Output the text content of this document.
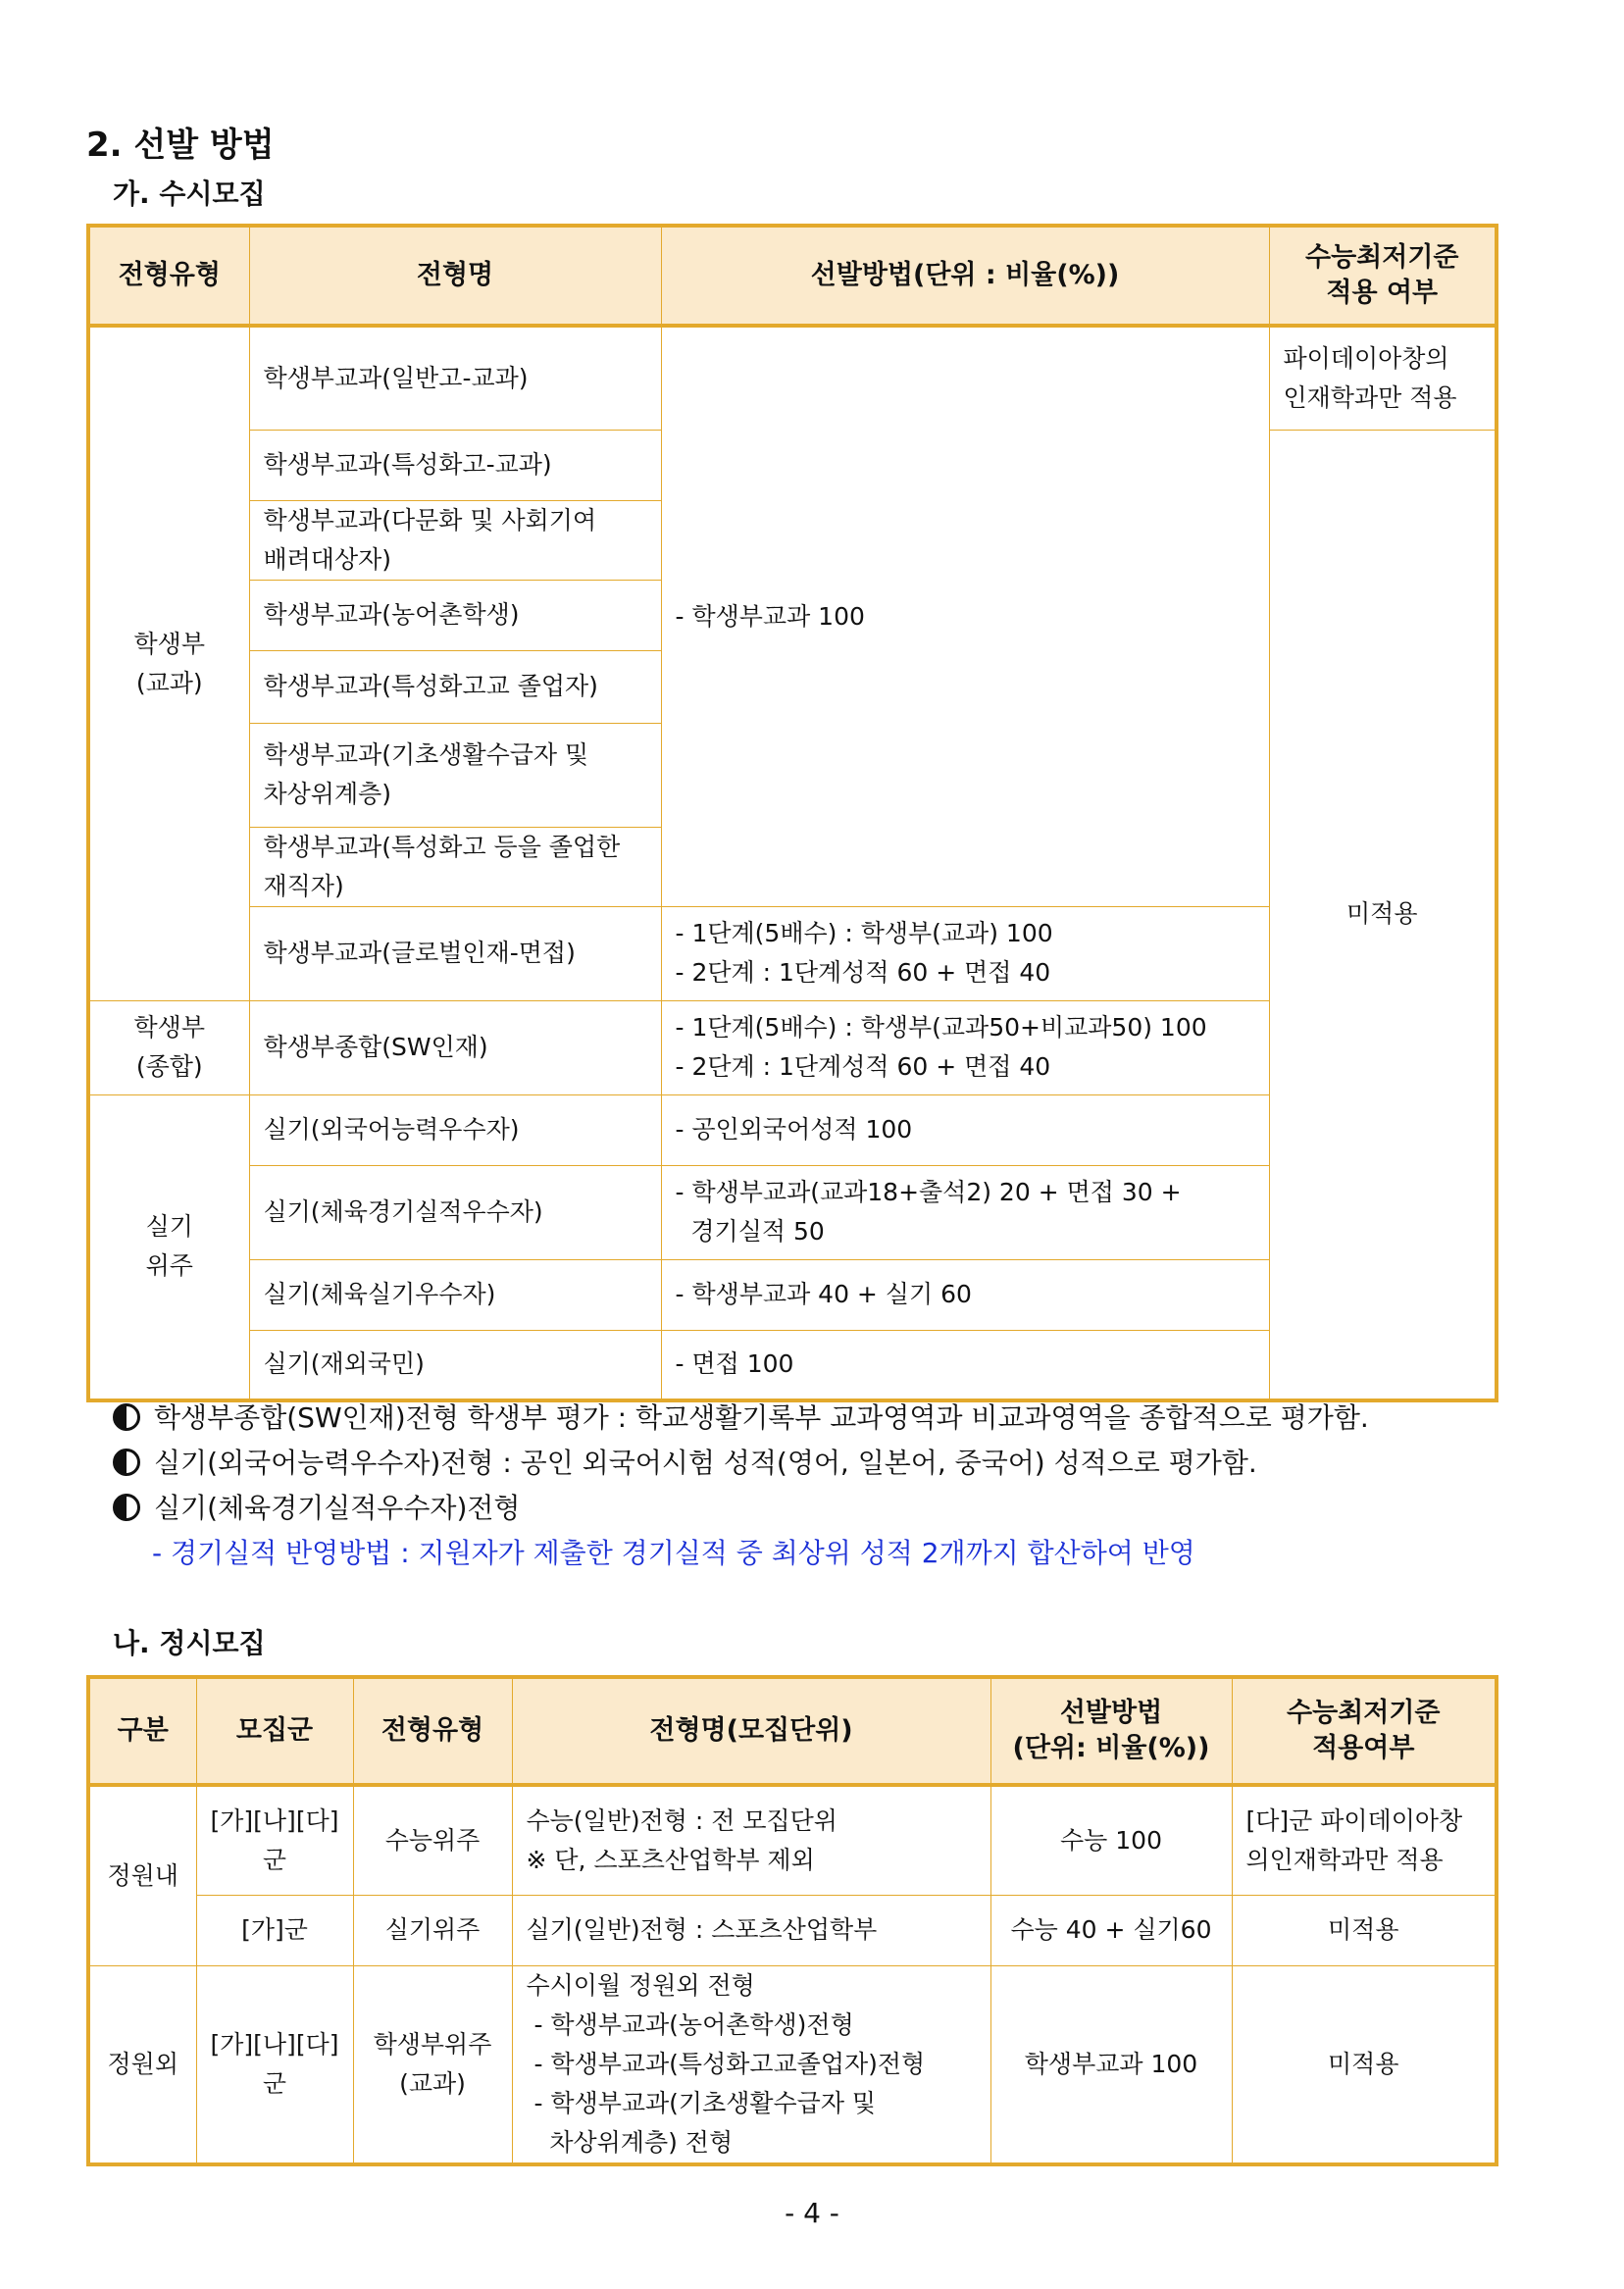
2. 선발 방법
가. 수시모집
전형유형	전형명	선발방법(단위 : 비율(%))	수능최저기준
적용 여부
학생부
(교과)	학생부교과(일반고-교과)	- 학생부교과 100	파이데이아창의
인재학과만 적용
	학생부교과(특성화고-교과)		미적용
	학생부교과(다문화 및 사회기여
배려대상자)		
	학생부교과(농어촌학생)		
	학생부교과(특성화고교 졸업자)		
	학생부교과(기초생활수급자 및
차상위계층)		
	학생부교과(특성화고 등을 졸업한
재직자)		
	학생부교과(글로벌인재-면접)	- 1단계(5배수) : 학생부(교과) 100
- 2단계 : 1단계성적 60 + 면접 40	
학생부
(종합)	학생부종합(SW인재)	- 1단계(5배수) : 학생부(교과50+비교과50) 100
- 2단계 : 1단계성적 60 + 면접 40	
실기
위주	실기(외국어능력우수자)	- 공인외국어성적 100	
	실기(체육경기실적우수자)	- 학생부교과(교과18+출석2) 20 + 면접 30 +
경기실적 50	
	실기(체육실기우수자)	- 학생부교과 40 + 실기 60	
	실기(재외국민)	- 면접 100	
학생부종합(SW인재)전형 학생부 평가 : 학교생활기록부 교과영역과 비교과영역을 종합적으로 평가함.
실기(외국어능력우수자)전형 : 공인 외국어시험 성적(영어, 일본어, 중국어) 성적으로 평가함.
실기(체육경기실적우수자)전형
- 경기실적 반영방법 : 지원자가 제출한 경기실적 중 최상위 성적 2개까지 합산하여 반영
나. 정시모집
구분	모집군	전형유형	전형명(모집단위)	선발방법
(단위: 비율(%))	수능최저기준
적용여부
정원내	[가][나][다]
군	수능위주	수능(일반)전형 : 전 모집단위
※ 단, 스포츠산업학부 제외	수능 100	[다]군 파이데이아창
의인재학과만 적용
	[가]군	실기위주	실기(일반)전형 : 스포츠산업학부	수능 40 + 실기60	미적용
정원외	[가][나][다]
군	학생부위주
(교과)	수시이월 정원외 전형
- 학생부교과(농어촌학생)전형
- 학생부교과(특성화고교졸업자)전형
- 학생부교과(기초생활수급자 및
차상위계층) 전형	학생부교과 100	미적용
- 4 -
